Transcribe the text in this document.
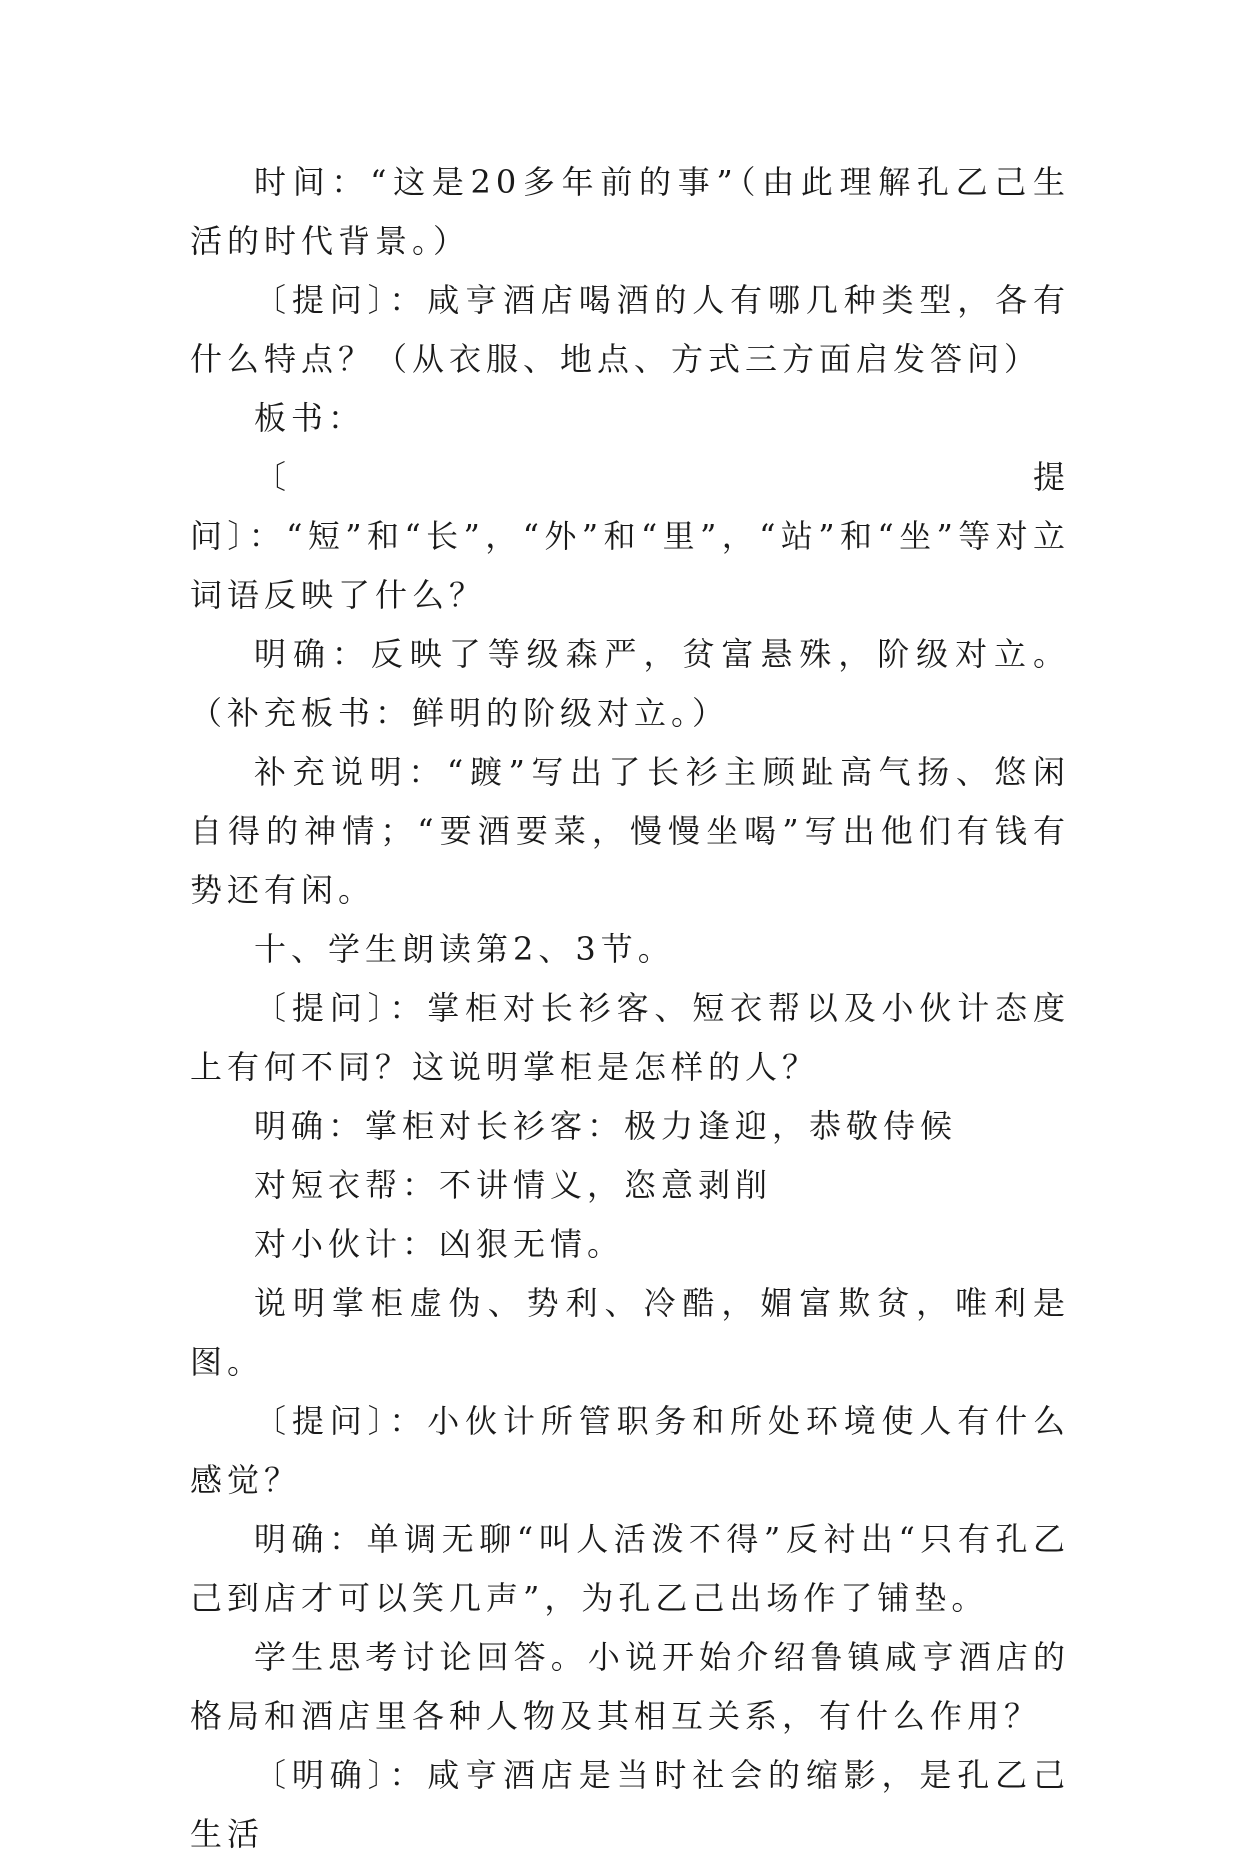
时间：“这是20多年前的事”（由此理解孔乙己生活的时代背景。）

〔提问〕：咸亨酒店喝酒的人有哪几种类型，各有什么特点？（从衣服、地点、方式三方面启发答问）

板书：

〔提问〕：“短”和“长”，“外”和“里”，“站”和“坐”等对立词语反映了什么？

明确：反映了等级森严，贫富悬殊，阶级对立。（补充板书：鲜明的阶级对立。）

补充说明：“踱”写出了长衫主顾趾高气扬、悠闲自得的神情；“要酒要菜，慢慢坐喝”写出他们有钱有势还有闲。

十、学生朗读第2、3节。

〔提问〕：掌柜对长衫客、短衣帮以及小伙计态度上有何不同？这说明掌柜是怎样的人？

明确：掌柜对长衫客：极力逢迎，恭敬侍候

对短衣帮：不讲情义，恣意剥削

对小伙计：凶狠无情。

说明掌柜虚伪、势利、冷酷，媚富欺贫，唯利是图。

〔提问〕：小伙计所管职务和所处环境使人有什么感觉？

明确：单调无聊“叫人活泼不得”反衬出“只有孔乙己到店才可以笑几声”，为孔乙己出场作了铺垫。

学生思考讨论回答。小说开始介绍鲁镇咸亨酒店的格局和酒店里各种人物及其相互关系，有什么作用？

〔明确〕：咸亨酒店是当时社会的缩影，是孔乙己生活
